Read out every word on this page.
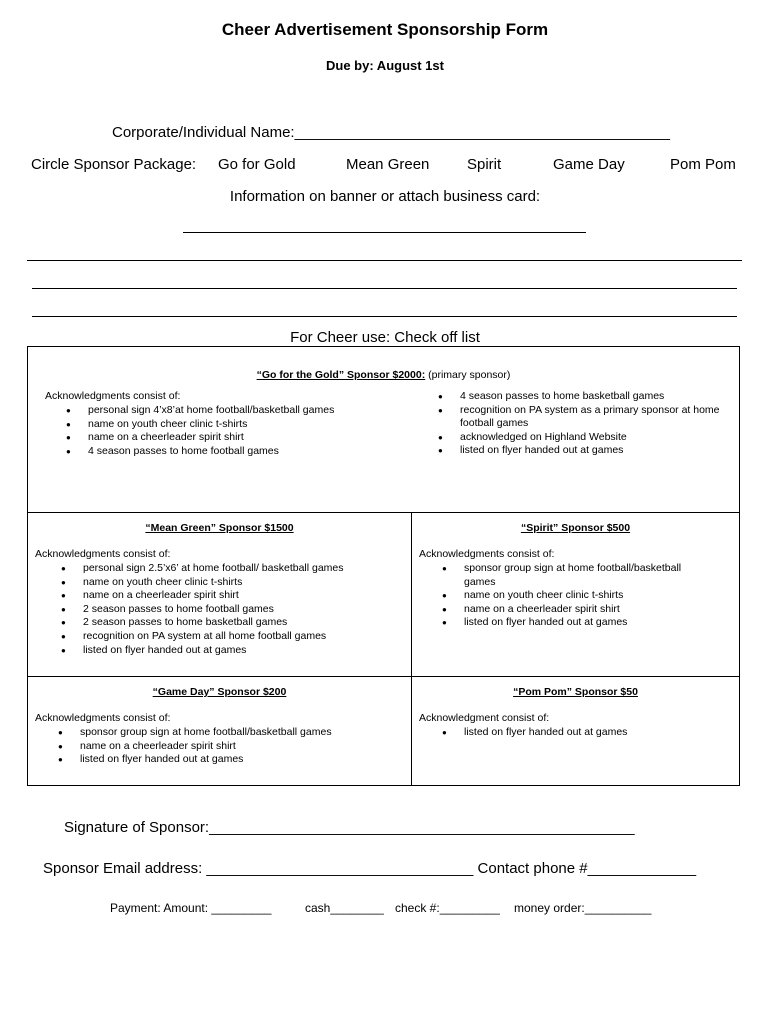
Cheer Advertisement Sponsorship Form
Due by: August 1st
Corporate/Individual Name:_____________________________________________
Circle Sponsor Package: Go for Gold	Mean Green	Spirit	Game Day	Pom Pom
Information on banner or attach business card:
For Cheer use: Check off list
“Go for the Gold” Sponsor $2000: (primary sponsor)
Acknowledgments consist of:
● personal sign 4’x8’at home football/basketball games
● name on youth cheer clinic t-shirts
● name on a cheerleader spirit shirt
● 4 season passes to home football games
● 4 season passes to home basketball games
● recognition on PA system as a primary sponsor at home football games
● acknowledged on Highland Website
● listed on flyer handed out at games
“Mean Green” Sponsor $1500
Acknowledgments consist of:
● personal sign 2.5’x6’ at home football/ basketball games
● name on youth cheer clinic t-shirts
● name on a cheerleader spirit shirt
● 2 season passes to home football games
● 2 season passes to home basketball games
● recognition on PA system at all home football games
● listed on flyer handed out at games
“Spirit” Sponsor $500
Acknowledgments consist of:
● sponsor group sign at home football/basketball games
● name on youth cheer clinic t-shirts
● name on a cheerleader spirit shirt
● listed on flyer handed out at games
“Game Day” Sponsor $200
Acknowledgments consist of:
● sponsor group sign at home football/basketball games
● name on a cheerleader spirit shirt
● listed on flyer handed out at games
“Pom Pom” Sponsor $50
Acknowledgment consist of:
● listed on flyer handed out at games
Signature of Sponsor:___________________________________________________
Sponsor Email address: ________________________________ Contact phone #_____________
Payment: Amount: _________	cash________ check #:_________ money order:__________
